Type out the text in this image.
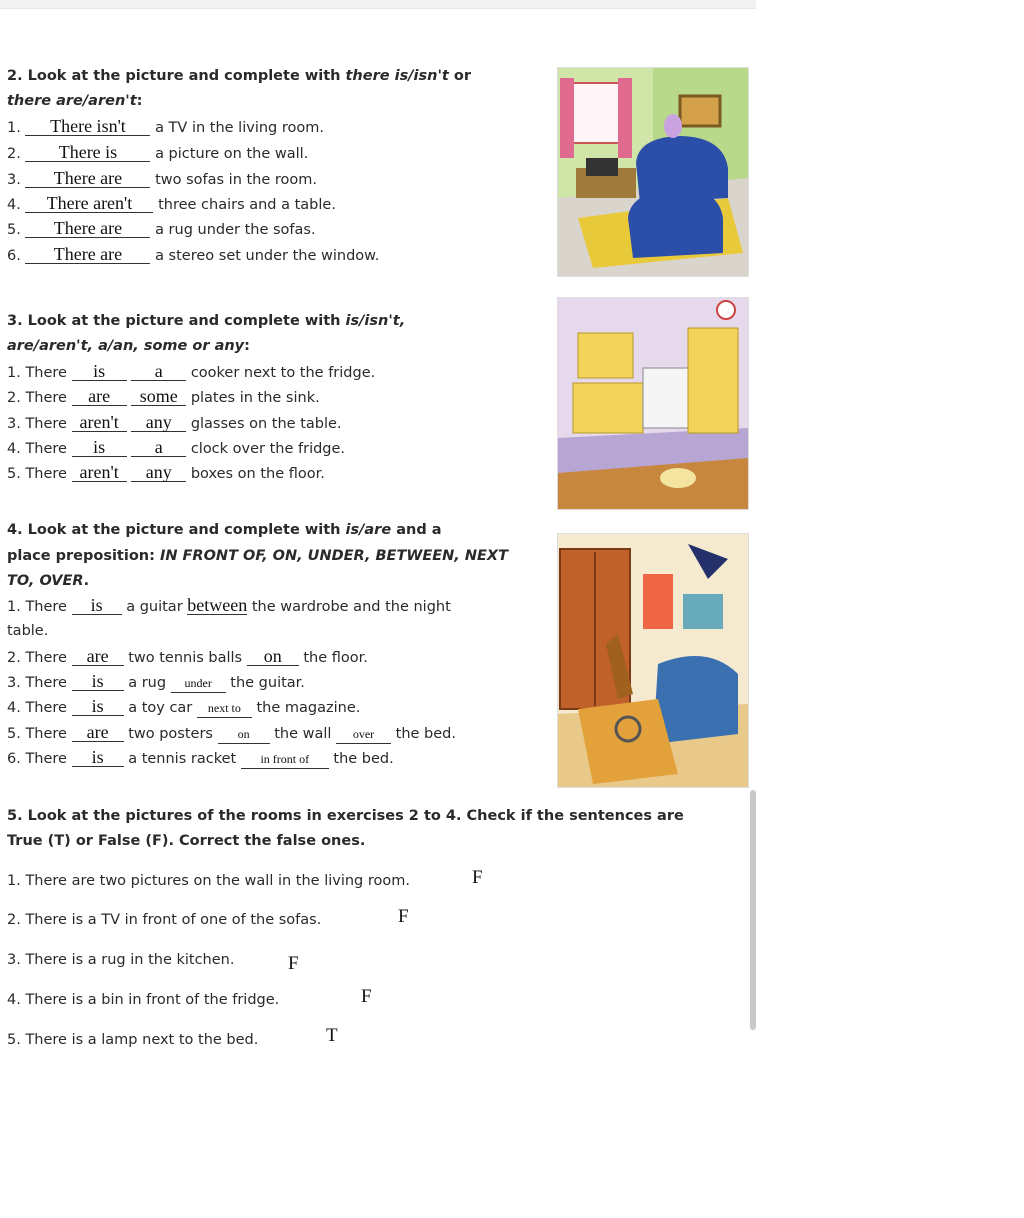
2. Look at the picture and complete with there is/isn't or
there are/aren't:
1. There isn't a TV in the living room.
2. There is	a picture on the wall.
3. There are two sofas in the room.
4. There aren't three chairs and a table.
5. There are a rug under the sofas.
6. There are a stereo set under the window.
3. Look at the picture and complete with is/isn't,
are/aren't, a/an, some or any:
1. There is	a cooker next to the fridge.
2. There are some plates in the sink.
3. There aren't any glasses on the table.
4. There is	a clock over the fridge.
5. There aren't any boxes on the floor.
4. Look at the picture and complete with is/are and a
place preposition: IN FRONT OF, ON, UNDER, BETWEEN, NEXT
TO, OVER.
1. There is a guitar between the wardrobe and the night
table.
2. There are two tennis balls on the floor.
3. There is a rug under the guitar.
4. There is a toy car next to the magazine.
5. There are two posters on the wall over the bed.
6. There is a tennis racket in front of the bed.
5. Look at the pictures of the rooms in exercises 2 to 4. Check if the sentences are
True (T) or False (F). Correct the false ones.
1. There are two pictures on the wall in the living room.	F
2. There is a TV in front of one of the sofas.	F
3. There is a rug in the kitchen.	F
4. There is a bin in front of the fridge.	F
5. There is a lamp next to the bed.	T
